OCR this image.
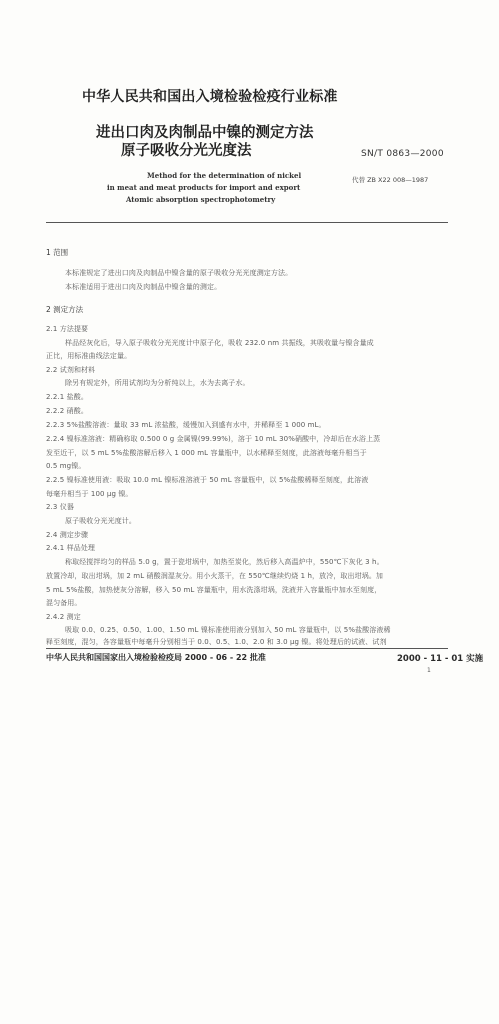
中华人民共和国出入境检验检疫行业标准
进出口肉及肉制品中镍的测定方法
原子吸收分光光度法	SN/T 0863—2000
代替 ZB X22 008—1987
Method for the determination of nickel
in meat and meat products for import and export
Atomic absorption spectrophotometry
1 范围
本标准规定了进出口肉及肉制品中镍含量的原子吸收分光光度测定方法。
本标准适用于进出口肉及肉制品中镍含量的测定。
2 测定方法
2.1 方法提要
样品经灰化后，导入原子吸收分光光度计中原子化，吸收 232.0 nm 共振线，其吸收量与镍含量成
正比，用标准曲线法定量。
2.2 试剂和材料
除另有规定外，所用试剂均为分析纯以上，水为去离子水。
2.2.1 盐酸。
2.2.2 硝酸。
2.2.3 5%盐酸溶液：量取 33 mL 浓盐酸，缓慢加入到盛有水中，并稀释至 1 000 mL。
2.2.4 镍标准溶液：精确称取 0.500 0 g 金属镍(99.99%)，溶于 10 mL 30%硝酸中，冷却后在水浴上蒸
发至近干，以 5 mL 5%盐酸溶解后移入 1 000 mL 容量瓶中，以水稀释至刻度，此溶液每毫升相当于
0.5 mg镍。
2.2.5 镍标准使用液：吸取 10.0 mL 镍标准溶液于 50 mL 容量瓶中，以 5%盐酸稀释至刻度，此溶液
每毫升相当于 100 μg 镍。
2.3 仪器
原子吸收分光光度计。
2.4 测定步骤
2.4.1 样品处理
称取经搅拌均匀的样品 5.0 g，置于瓷坩埚中，加热至炭化，然后移入高温炉中，550℃下灰化 3 h。
放置冷却，取出坩埚，加 2 mL 硝酸润湿灰分。用小火蒸干，在 550℃继续灼烧 1 h，放冷，取出坩埚。加
5 mL 5%盐酸，加热使灰分溶解，移入 50 mL 容量瓶中，用水洗涤坩埚，洗液并入容量瓶中加水至刻度，
混匀备用。
2.4.2 测定
吸取 0.0、0.25、0.50、1.00、1.50 mL 镍标准使用液分别加入 50 mL 容量瓶中，以 5%盐酸溶液稀
释至刻度，混匀，各容量瓶中每毫升分别相当于 0.0、0.5、1.0、2.0 和 3.0 μg 镍。将处理后的试液、试剂
中华人民共和国国家出入境检验检疫局 2000 - 06 - 22 批准	2000 - 11 - 01 实施
1
